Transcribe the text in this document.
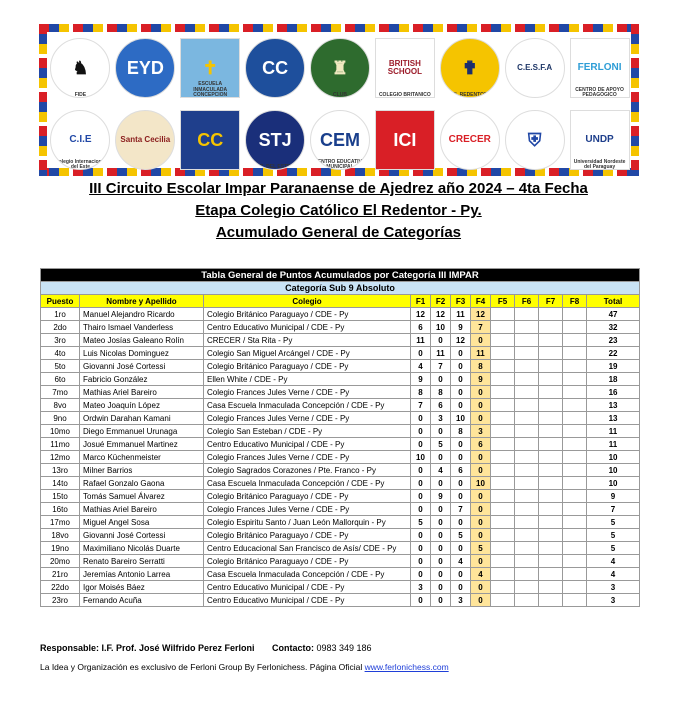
♞
FIDE
EYD ✝
ESCUELA INMACULADA CONCEPCION
CC ♜
CLUB
BRITISH SCHOOL
COLEGIO BRITANICO
✟
EL REDENTOR
C.E.S.F.A	FERLONI
CENTRO DE APOYO PEDAGOGICO
C.I.E
Colegio Internacional del Este
Santa Cecilia CC STJ
C. DEL ESTE
CEM
CENTRO EDUCATIVO MUNICIPAL
ICI	CRECER ⛨	UNDP
Universidad Nordeste del Paraguay
III Circuito Escolar Impar Paranaense de Ajedrez año 2024 – 4ta Fecha
Etapa Colegio Católico El Redentor - Py.
Acumulado General de Categorías
Tabla General de Puntos Acumulados por Categoría III IMPAR											
Categoría Sub 9 Absoluto											
Puesto	Nombre y Apellido	Colegio	F1	F2	F3	F4	F5	F6	F7	F8	Total
1ro	Manuel Alejandro Ricardo	Colegio Británico Paraguayo / CDE - Py	12	12	11	12					47
2do	Thairo Ismael Vanderless	Centro Educativo Municipal / CDE - Py	6	10	9	7					32
3ro	Mateo Josías Galeano Rolín	CRECER / Sta Rita - Py	11	0	12	0					23
4to	Luis Nicolas Dominguez	Colegio San Miguel Arcángel / CDE - Py	0	11	0	11					22
5to	Giovanni José Cortessi	Colegio Británico Paraguayo / CDE - Py	4	7	0	8					19
6to	Fabricio González	Ellen White / CDE - Py	9	0	0	9					18
7mo	Mathias Ariel Bareiro	Colegio Frances Jules Verne / CDE - Py	8	8	0	0					16
8vo	Mateo Joaquín López	Casa Escuela Inmaculada Concepción / CDE - Py	7	6	0	0					13
9no	Ordwin Darahan Kamani	Colegio Frances Jules Verne / CDE - Py	0	3	10	0					13
10mo	Diego Emmanuel Urunaga	Colegio San Esteban / CDE - Py	0	0	8	3					11
11mo	Josué Emmanuel Martinez	Centro Educativo Municipal / CDE - Py	0	5	0	6					11
12mo	Marco Küchenmeister	Colegio Frances Jules Verne / CDE - Py	10	0	0	0					10
13ro	Milner Barrios	Colegio Sagrados Corazones / Pte. Franco - Py	0	4	6	0					10
14to	Rafael Gonzalo Gaona	Casa Escuela Inmaculada Concepción / CDE - Py	0	0	0	10					10
15to	Tomás Samuel Álvarez	Colegio Británico Paraguayo / CDE - Py	0	9	0	0					9
16to	Mathias Ariel Bareiro	Colegio Frances Jules Verne / CDE - Py	0	0	7	0					7
17mo	Miguel Angel Sosa	Colegio Espiritu Santo / Juan León Mallorquin - Py	5	0	0	0					5
18vo	Giovanni José Cortessi	Colegio Británico Paraguayo / CDE - Py	0	0	5	0					5
19no	Maximiliano Nicolás Duarte	Centro Educacional San Francisco de Asís/ CDE - Py	0	0	0	5					5
20mo	Renato Bareiro Serratti	Colegio Británico Paraguayo / CDE - Py	0	0	4	0					4
21ro	Jeremías Antonio Larrea	Casa Escuela Inmaculada Concepción / CDE - Py	0	0	0	4					4
22do	Igor Moisés Báez	Centro Educativo Municipal / CDE - Py	3	0	0	0					3
23ro	Fernando Acuña	Centro Educativo Municipal / CDE - Py	0	0	3	0					3
Responsable: I.F. Prof. José Wilfrido Perez Ferloni Contacto: 0983 349 186
La Idea y Organización es exclusivo de Ferloni Group By Ferlonichess. Página Oficial www.ferlonichess.com
